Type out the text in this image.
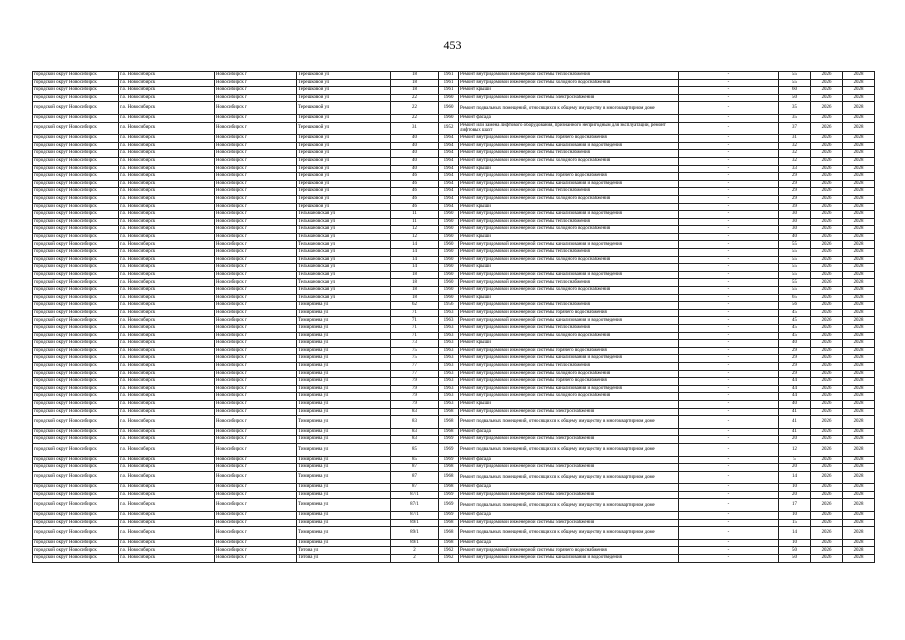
453
городской округ Новосибирск	г.о. Новосибирск	Новосибирск г	Терешковой ул	18	1961	Ремонт внутридомовой инженерной системы теплоснабжения	-	55	2026	2028
городской округ Новосибирск	г.о. Новосибирск	Новосибирск г	Терешковой ул	18	1961	Ремонт внутридомовой инженерной системы холодного водоснабжения	-	55	2026	2028
городской округ Новосибирск	г.о. Новосибирск	Новосибирск г	Терешковой ул	18	1961	Ремонт крыши	-	60	2026	2028
городской округ Новосибирск	г.о. Новосибирск	Новосибирск г	Терешковой ул	22	1960	Ремонт внутридомовой инженерной системы электроснабжения	-	50	2026	2028
городской округ Новосибирск	г.о. Новосибирск	Новосибирск г	Терешковой ул	22	1960	Ремонт подвальных помещений, относящихся к общему имуществу в многоквартирном доме	-	35	2026	2028
городской округ Новосибирск	г.о. Новосибирск	Новосибирск г	Терешковой ул	22	1960	Ремонт фасада	-	35	2026	2028
городской округ Новосибирск	г.о. Новосибирск	Новосибирск г	Терешковой ул	31	1952	Ремонт или замена лифтового оборудования, признанного непригодным для эксплуатации, ремонт лифтовых шахт	-	37	2026	2028
городской округ Новосибирск	г.о. Новосибирск	Новосибирск г	Терешковой ул	40	1964	Ремонт внутридомовой инженерной системы горячего водоснабжения	-	31	2026	2028
городской округ Новосибирск	г.о. Новосибирск	Новосибирск г	Терешковой ул	40	1964	Ремонт внутридомовой инженерной системы канализования и водоотведения	-	32	2026	2028
городской округ Новосибирск	г.о. Новосибирск	Новосибирск г	Терешковой ул	40	1964	Ремонт внутридомовой инженерной системы теплоснабжения	-	32	2026	2028
городской округ Новосибирск	г.о. Новосибирск	Новосибирск г	Терешковой ул	40	1964	Ремонт внутридомовой инженерной системы холодного водоснабжения	-	32	2026	2028
городской округ Новосибирск	г.о. Новосибирск	Новосибирск г	Терешковой ул	40	1964	Ремонт крыши	-	33	2026	2028
городской округ Новосибирск	г.о. Новосибирск	Новосибирск г	Терешковой ул	46	1964	Ремонт внутридомовой инженерной системы горячего водоснабжения	-	29	2026	2028
городской округ Новосибирск	г.о. Новосибирск	Новосибирск г	Терешковой ул	46	1964	Ремонт внутридомовой инженерной системы канализования и водоотведения	-	29	2026	2028
городской округ Новосибирск	г.о. Новосибирск	Новосибирск г	Терешковой ул	46	1964	Ремонт внутридомовой инженерной системы теплоснабжения	-	29	2026	2028
городской округ Новосибирск	г.о. Новосибирск	Новосибирск г	Терешковой ул	46	1964	Ремонт внутридомовой инженерной системы холодного водоснабжения	-	29	2026	2028
городской округ Новосибирск	г.о. Новосибирск	Новосибирск г	Терешковой ул	46	1964	Ремонт крыши	-	39	2026	2028
городской округ Новосибирск	г.о. Новосибирск	Новосибирск г	Тельмановская ул	11	1960	Ремонт внутридомовой инженерной системы канализования и водоотведения	-	30	2026	2028
городской округ Новосибирск	г.о. Новосибирск	Новосибирск г	Тельмановская ул	11	1960	Ремонт внутридомовой инженерной системы теплоснабжения	-	30	2026	2028
городской округ Новосибирск	г.о. Новосибирск	Новосибирск г	Тельмановская ул	12	1960	Ремонт внутридомовой инженерной системы холодного водоснабжения	-	30	2026	2028
городской округ Новосибирск	г.о. Новосибирск	Новосибирск г	Тельмановская ул	12	1960	Ремонт крыши	-	40	2026	2028
городской округ Новосибирск	г.о. Новосибирск	Новосибирск г	Тельмановская ул	14	1960	Ремонт внутридомовой инженерной системы канализования и водоотведения	-	55	2026	2028
городской округ Новосибирск	г.о. Новосибирск	Новосибирск г	Тельмановская ул	14	1960	Ремонт внутридомовой инженерной системы теплоснабжения	-	55	2026	2028
городской округ Новосибирск	г.о. Новосибирск	Новосибирск г	Тельмановская ул	14	1960	Ремонт внутридомовой инженерной системы холодного водоснабжения	-	55	2026	2028
городской округ Новосибирск	г.о. Новосибирск	Новосибирск г	Тельмановская ул	14	1960	Ремонт крыши	-	55	2026	2028
городской округ Новосибирск	г.о. Новосибирск	Новосибирск г	Тельмановская ул	18	1960	Ремонт внутридомовой инженерной системы канализования и водоотведения	-	55	2026	2028
городской округ Новосибирск	г.о. Новосибирск	Новосибирск г	Тельмановская ул	18	1960	Ремонт внутридомовой инженерной системы теплоснабжения	-	55	2026	2028
городской округ Новосибирск	г.о. Новосибирск	Новосибирск г	Тельмановская ул	18	1960	Ремонт внутридомовой инженерной системы холодного водоснабжения	-	55	2026	2028
городской округ Новосибирск	г.о. Новосибирск	Новосибирск г	Тельмановская ул	18	1960	Ремонт крыши	-	65	2026	2028
городской округ Новосибирск	г.о. Новосибирск	Новосибирск г	Тимирязева ул	62	1956	Ремонт внутридомовой инженерной системы теплоснабжения	-	56	2026	2028
городской округ Новосибирск	г.о. Новосибирск	Новосибирск г	Тимирязева ул	71	1963	Ремонт внутридомовой инженерной системы горячего водоснабжения	-	45	2026	2028
городской округ Новосибирск	г.о. Новосибирск	Новосибирск г	Тимирязева ул	71	1963	Ремонт внутридомовой инженерной системы канализования и водоотведения	-	45	2026	2028
городской округ Новосибирск	г.о. Новосибирск	Новосибирск г	Тимирязева ул	71	1963	Ремонт внутридомовой инженерной системы теплоснабжения	-	45	2026	2028
городской округ Новосибирск	г.о. Новосибирск	Новосибирск г	Тимирязева ул	71	1963	Ремонт внутридомовой инженерной системы холодного водоснабжения	-	45	2026	2028
городской округ Новосибирск	г.о. Новосибирск	Новосибирск г	Тимирязева ул	73	1963	Ремонт крыши	-	40	2026	2028
городской округ Новосибирск	г.о. Новосибирск	Новосибирск г	Тимирязева ул	75	1963	Ремонт внутридомовой инженерной системы горячего водоснабжения	-	29	2026	2028
городской округ Новосибирск	г.о. Новосибирск	Новосибирск г	Тимирязева ул	75	1963	Ремонт внутридомовой инженерной системы канализования и водоотведения	-	29	2026	2028
городской округ Новосибирск	г.о. Новосибирск	Новосибирск г	Тимирязева ул	77	1963	Ремонт внутридомовой инженерной системы теплоснабжения	-	29	2026	2028
городской округ Новосибирск	г.о. Новосибирск	Новосибирск г	Тимирязева ул	77	1963	Ремонт внутридомовой инженерной системы холодного водоснабжения	-	29	2026	2028
городской округ Новосибирск	г.о. Новосибирск	Новосибирск г	Тимирязева ул	79	1963	Ремонт внутридомовой инженерной системы горячего водоснабжения	-	44	2026	2028
городской округ Новосибирск	г.о. Новосибирск	Новосибирск г	Тимирязева ул	79	1963	Ремонт внутридомовой инженерной системы канализования и водоотведения	-	44	2026	2028
городской округ Новосибирск	г.о. Новосибирск	Новосибирск г	Тимирязева ул	79	1963	Ремонт внутридомовой инженерной системы холодного водоснабжения	-	44	2026	2028
городской округ Новосибирск	г.о. Новосибирск	Новосибирск г	Тимирязева ул	79	1963	Ремонт крыши	-	40	2026	2028
городской округ Новосибирск	г.о. Новосибирск	Новосибирск г	Тимирязева ул	83	1968	Ремонт внутридомовой инженерной системы электроснабжения	-	41	2026	2028
городской округ Новосибирск	г.о. Новосибирск	Новосибирск г	Тимирязева ул	83	1968	Ремонт подвальных помещений, относящихся к общему имуществу в многоквартирном доме	-	41	2026	2028
городской округ Новосибирск	г.о. Новосибирск	Новосибирск г	Тимирязева ул	83	1968	Ремонт фасада	-	41	2026	2028
городской округ Новосибирск	г.о. Новосибирск	Новосибирск г	Тимирязева ул	83	1969	Ремонт внутридомовой инженерной системы электроснабжения	-	20	2026	2028
городской округ Новосибирск	г.о. Новосибирск	Новосибирск г	Тимирязева ул	85	1969	Ремонт подвальных помещений, относящихся к общему имуществу в многоквартирном доме	-	12	2026	2028
городской округ Новосибирск	г.о. Новосибирск	Новосибирск г	Тимирязева ул	85	1969	Ремонт фасада	-	5	2026	2028
городской округ Новосибирск	г.о. Новосибирск	Новосибирск г	Тимирязева ул	87	1968	Ремонт внутридомовой инженерной системы электроснабжения	-	20	2026	2028
городской округ Новосибирск	г.о. Новосибирск	Новосибирск г	Тимирязева ул	87	1968	Ремонт подвальных помещений, относящихся к общему имуществу в многоквартирном доме	-	14	2026	2028
городской округ Новосибирск	г.о. Новосибирск	Новосибирск г	Тимирязева ул	87	1968	Ремонт фасада	-	10	2026	2028
городской округ Новосибирск	г.о. Новосибирск	Новосибирск г	Тимирязева ул	87/1	1969	Ремонт внутридомовой инженерной системы электроснабжения	-	20	2026	2028
городской округ Новосибирск	г.о. Новосибирск	Новосибирск г	Тимирязева ул	87/1	1969	Ремонт подвальных помещений, относящихся к общему имуществу в многоквартирном доме	-	17	2026	2028
городской округ Новосибирск	г.о. Новосибирск	Новосибирск г	Тимирязева ул	87/1	1969	Ремонт фасада	-	10	2026	2028
городской округ Новосибирск	г.о. Новосибирск	Новосибирск г	Тимирязева ул	89/1	1968	Ремонт внутридомовой инженерной системы электроснабжения	-	15	2026	2028
городской округ Новосибирск	г.о. Новосибирск	Новосибирск г	Тимирязева ул	89/1	1968	Ремонт подвальных помещений, относящихся к общему имуществу в многоквартирном доме	-	14	2026	2028
городской округ Новосибирск	г.о. Новосибирск	Новосибирск г	Тимирязева ул	89/1	1968	Ремонт фасада	-	10	2026	2028
городской округ Новосибирск	г.о. Новосибирск	Новосибирск г	Титова ул	2	1962	Ремонт внутридомовой инженерной системы горячего водоснабжения	-	50	2026	2028
городской округ Новосибирск	г.о. Новосибирск	Новосибирск г	Титова ул	2	1962	Ремонт внутридомовой инженерной системы канализования и водоотведения	-	50	2026	2028
